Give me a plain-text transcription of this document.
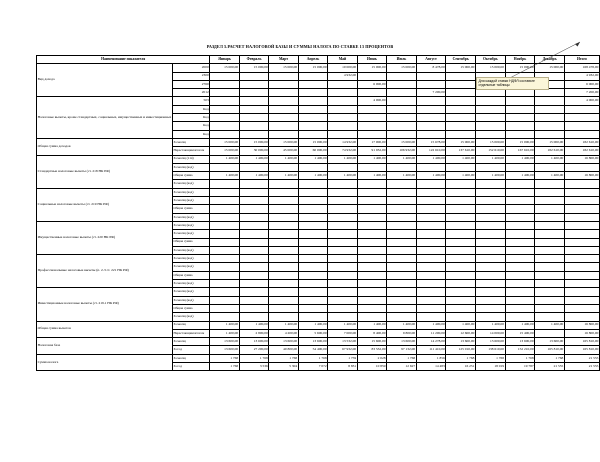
РАЗДЕЛ 5.РАСЧЕТ НАЛОГОВОЙ БАЗЫ И СУММЫ НАЛОГА ПО СТАВКЕ 13 ПРОЦЕНТОВ
Наименование показателя		Январь	Февраль	Март	Апрель	Май	Июнь	Июль	Август	Сентябрь	Октябрь	Ноябрь	Декабрь	Итого
Вид дохода	2000	15 000,00	15 000,00	15 000,00	15 000,00	10 000,00	15 000,00	15 000,00	8 478,00	15 000,00	15 000,00	15 000,00	15 000,00	168 478,00
	2300					4 932,00								4 932,00
	2760						6 000,00							6 000,00
	2012								7 200,00					7 200,00
Налоговые вычеты, кроме стандартных, социальных, имущественных и инвестиционных	503						4 000,00							4 000,00
	Код													
	Код													
	Код													
	Код													
Общая сумма доходов	За месяц	15 000,00	15 000,00	15 000,00	15 000,00	14 932,00	17 000,00	15 000,00	15 678,00	15 000,00	15 000,00	15 000,00	15 000,00	182 610,00
	Нарастающим итогом	15 000,00	30 000,00	45 000,00	60 000,00	74 932,00	91 932,00	106 932,00	122 610,00	137 610,00	152 610,00	167 610,00	182 610,00	182 610,00
Стандартные налоговые вычеты (ст. 218 НК РФ)	За месяц (114)	1 400,00	1 400,00	1 400,00	1 400,00	1 400,00	1 400,00	1 400,00	1 400,00	1 400,00	1 400,00	1 400,00	1 400,00	16 800,00
	За месяц (код)													
	Общая сумма	1 400,00	1 400,00	1 400,00	1 400,00	1 400,00	1 400,00	1 400,00	1 400,00	1 400,00	1 400,00	1 400,00	1 400,00	16 800,00
	За месяц (код)													
Социальные налоговые вычеты (ст. 219 НК РФ)	За месяц (код)													
	За месяц (код)													
	Общая сумма													
	За месяц (код)													
Имущественные налоговые вычеты (ст. 220 НК РФ)	За месяц (код)													
	За месяц (код)													
	Общая сумма													
	За месяц (код)													
Профессиональные налоговые вычеты (п. 2-3 ст. 221 НК РФ)	За месяц (код)													
	За месяц (код)													
	Общая сумма													
	За месяц (код)													
Инвестиционные налоговые вычеты (ст. 219.1 НК РФ)	За месяц (код)													
	За месяц (код)													
	Общая сумма													
	За месяц (код)													
Общая сумма вычетов	За месяц	1 400,00	1 400,00	1 400,00	1 400,00	1 400,00	1 400,00	1 400,00	1 400,00	1 400,00	1 400,00	1 400,00	1 400,00	16 800,00
	Нарастающим итогом	1 400,00	2 800,00	4 200,00	5 600,00	7 000,00	8 400,00	9 800,00	11 200,00	12 600,00	14 000,00	15 400,00		16 800,00
Налоговая база	За месяц	13 600,00	13 600,00	13 600,00	13 600,00	13 532,00	15 600,00	13 600,00	14 278,00	13 600,00	13 600,00	13 600,00	13 600,00	165 810,00
	За год	13 600,00	27 200,00	40 800,00	54 400,00	67 932,00	83 532,00	97 132,00	111 410,00	125 010,00	138 610,00	152 210,00	165 810,00	165 810,00
Сумма налога	За месяц	1 768	1 768	1 768	1 768	1 759	2 028	1 768	1 856	1 768	1 768	1 768	1 768	21 555
	За год	1 768	3 536	5 304	7 072	8 831	10 859	12 627	14 483	16 251	18 019	19 787	21 555	21 555
Для каждой ставки НДФЛ составьте отдельные таблицы
